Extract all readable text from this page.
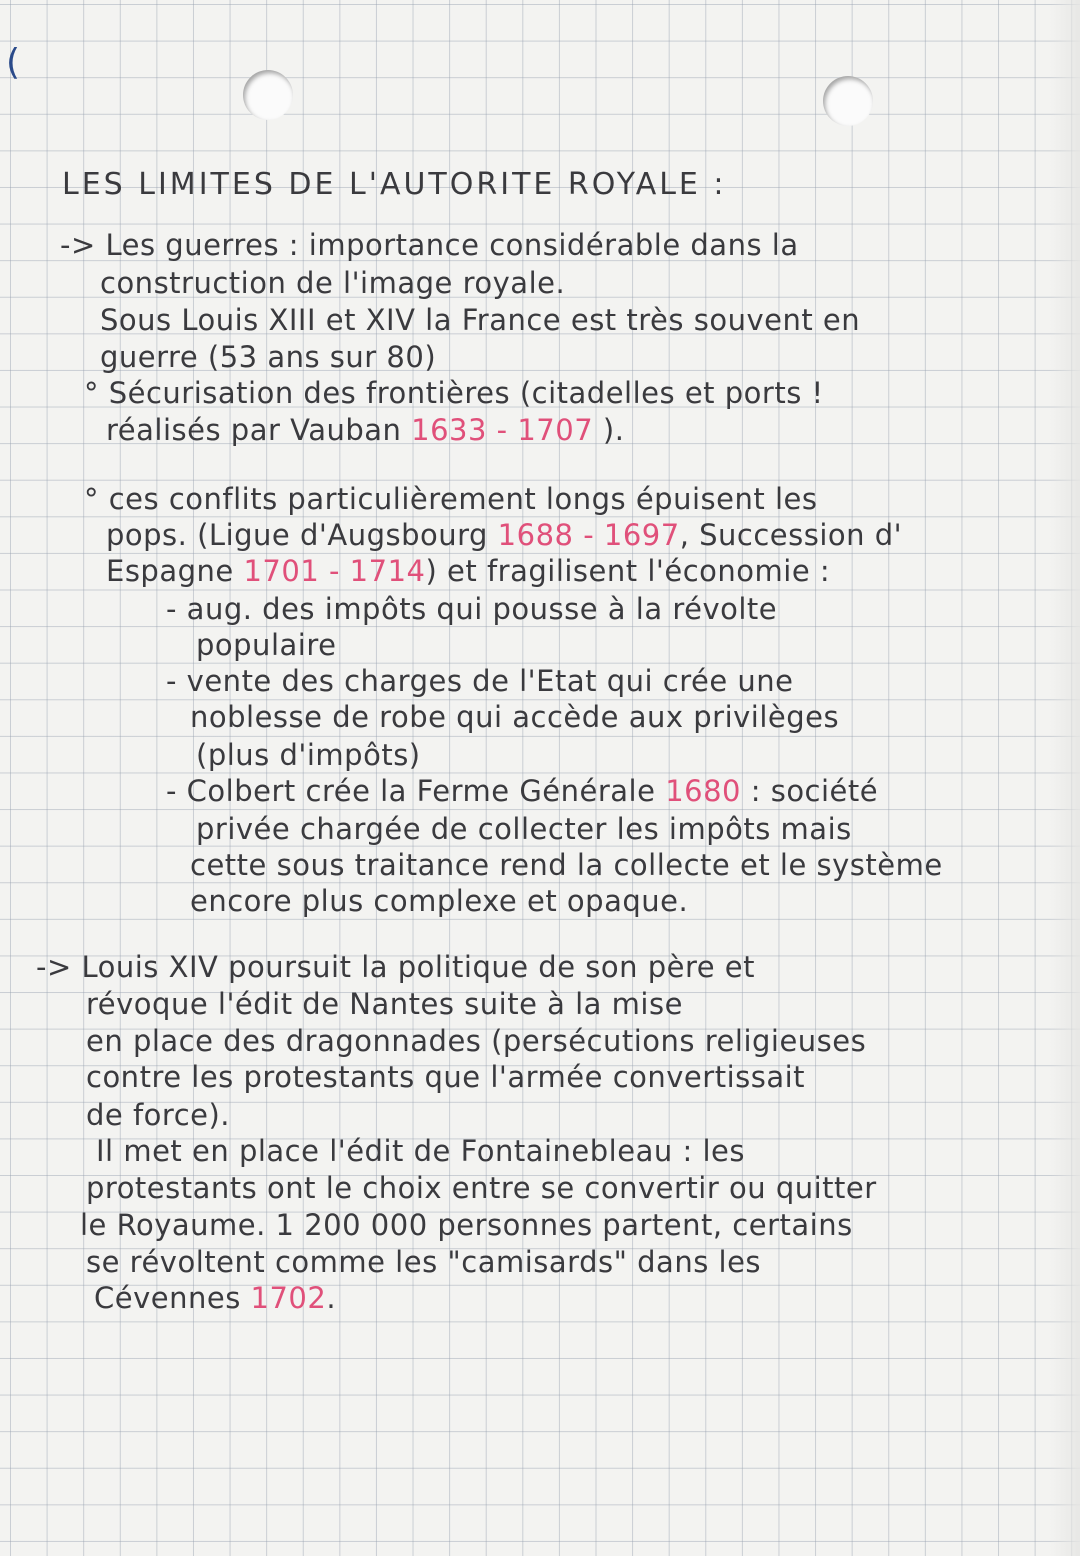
(
LES LIMITES DE L'AUTORITE ROYALE :
-> Les guerres : importance considérable dans la
construction de l'image royale.
Sous Louis XIII et XIV la France est très souvent en
guerre (53 ans sur 80)
° Sécurisation des frontières (citadelles et ports !
réalisés par Vauban 1633 - 1707 ).
° ces conflits particulièrement longs épuisent les
pops. (Ligue d'Augsbourg 1688 - 1697, Succession d'
Espagne 1701 - 1714) et fragilisent l'économie :
- aug. des impôts qui pousse à la révolte
populaire
- vente des charges de l'Etat qui crée une
noblesse de robe qui accède aux privilèges
(plus d'impôts)
- Colbert crée la Ferme Générale 1680 : société
privée chargée de collecter les impôts mais
cette sous traitance rend la collecte et le système
encore plus complexe et opaque.
-> Louis XIV poursuit la politique de son père et
révoque l'édit de Nantes suite à la mise
en place des dragonnades (persécutions religieuses
contre les protestants que l'armée convertissait
de force).
Il met en place l'édit de Fontainebleau : les
protestants ont le choix entre se convertir ou quitter
le Royaume. 1 200 000 personnes partent, certains
se révoltent comme les "camisards" dans les
Cévennes 1702.
